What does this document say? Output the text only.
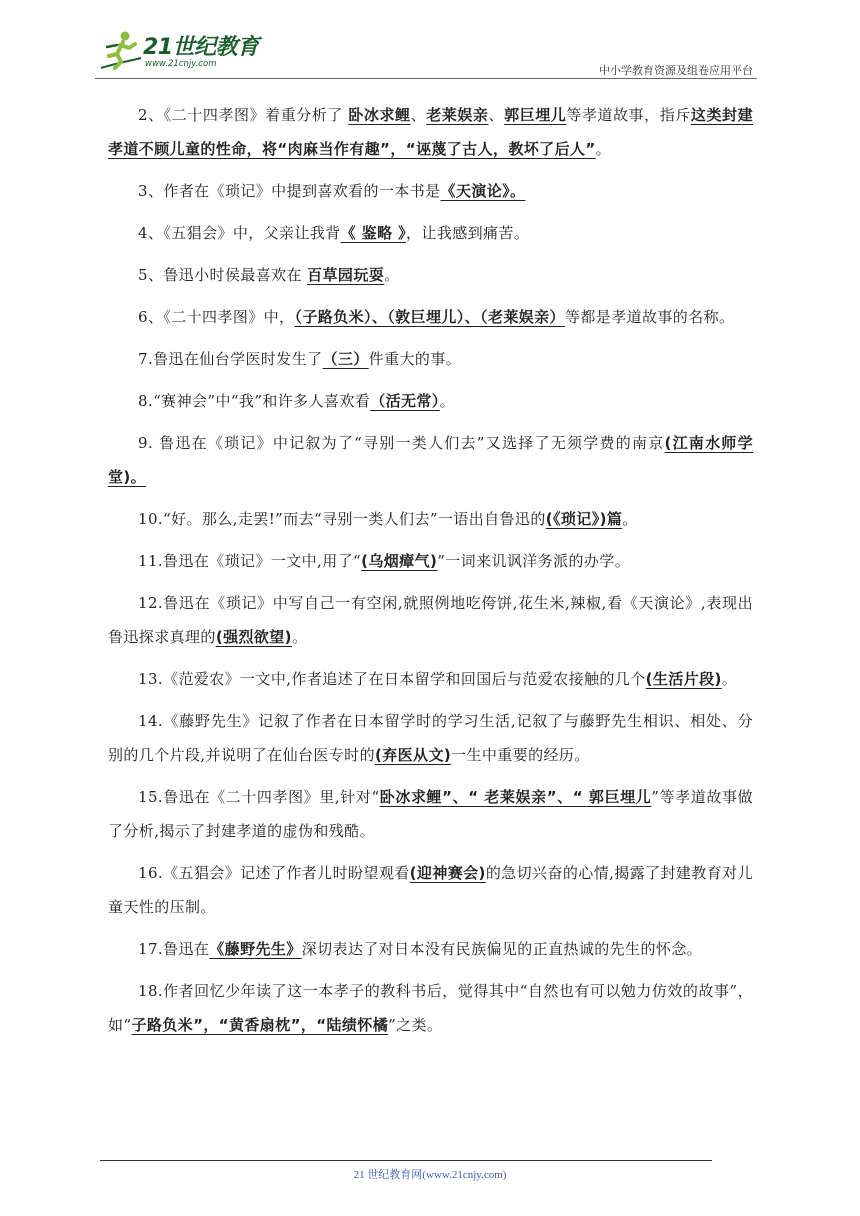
21世纪教育
www.21cnjy.com	中小学教育资源及组卷应用平台

2、《二十四孝图》着重分析了 卧冰求鲤、老莱娱亲、郭巨埋儿等孝道故事，指斥这类封建孝道不顾儿童的性命，将“肉麻当作有趣”，“诬蔑了古人，教坏了后人”。

3、作者在《琐记》中提到喜欢看的一本书是《天演论》。

4、《五猖会》中，父亲让我背《 鉴略 》，让我感到痛苦。

5、鲁迅小时侯最喜欢在 百草园玩耍。

6、《二十四孝图》中，（子路负米）、（敦巨埋儿）、（老莱娱亲）等都是孝道故事的名称。

7.鲁迅在仙台学医时发生了（三）件重大的事。

8.“赛神会”中“我”和许多人喜欢看（活无常）。

9. 鲁迅在《琐记》中记叙为了“寻别一类人们去”又选择了无须学费的南京(江南水师学堂)。

10.“好。那么,走罢!”而去“寻别一类人们去”一语出自鲁迅的(《琐记》)篇。

11.鲁迅在《琐记》一文中,用了“(乌烟瘴气)”一词来讥讽洋务派的办学。

12.鲁迅在《琐记》中写自己一有空闲,就照例地吃侉饼,花生米,辣椒,看《天演论》,表现出鲁迅探求真理的(强烈欲望)。

13.《范爱农》一文中,作者追述了在日本留学和回国后与范爱农接触的几个(生活片段)。

14.《藤野先生》记叙了作者在日本留学时的学习生活,记叙了与藤野先生相识、相处、分别的几个片段,并说明了在仙台医专时的(弃医从文)一生中重要的经历。

15.鲁迅在《二十四孝图》里,针对“卧冰求鲤”、“ 老莱娱亲”、“ 郭巨埋儿”等孝道故事做了分析,揭示了封建孝道的虚伪和残酷。

16.《五猖会》记述了作者儿时盼望观看(迎神赛会)的急切兴奋的心情,揭露了封建教育对儿童天性的压制。

17.鲁迅在《藤野先生》深切表达了对日本没有民族偏见的正直热诚的先生的怀念。

18.作者回忆少年读了这一本孝子的教科书后，觉得其中“自然也有可以勉力仿效的故事”，如“子路负米”，“黄香扇枕”，“陆绩怀橘”之类。

21 世纪教育网(www.21cnjy.com)
